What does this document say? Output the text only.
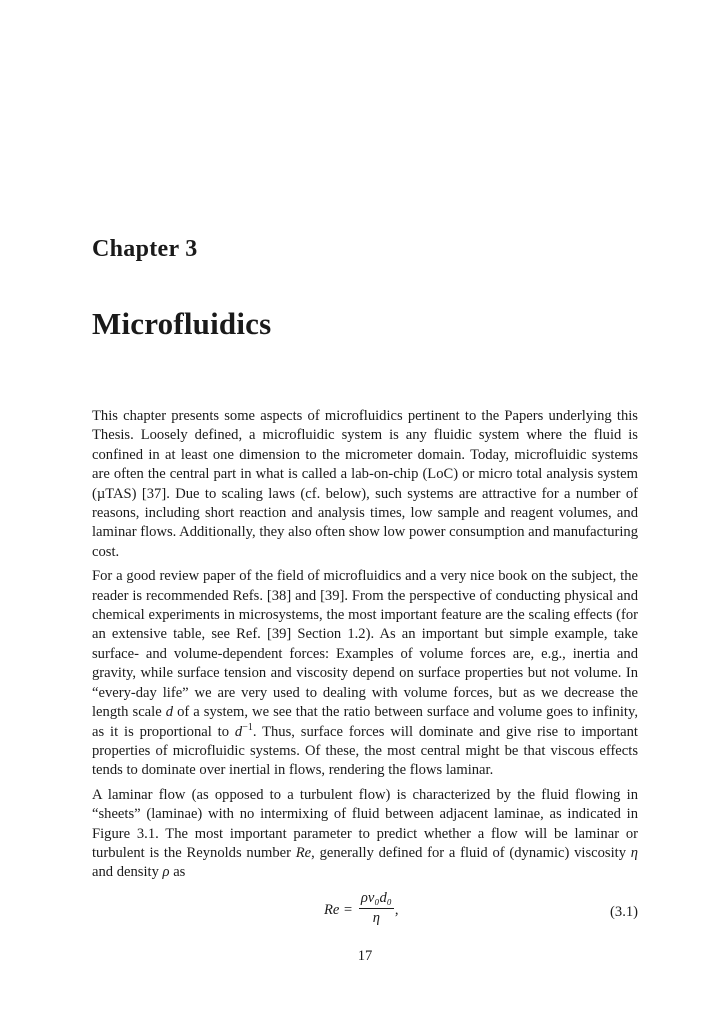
Chapter 3
Microfluidics

This chapter presents some aspects of microfluidics pertinent to the Papers underlying this Thesis. Loosely defined, a microfluidic system is any fluidic system where the fluid is confined in at least one dimension to the micrometer domain. Today, microfluidic systems are often the central part in what is called a lab-on-chip (LoC) or micro total analysis system (µTAS) [37]. Due to scaling laws (cf. below), such systems are attractive for a number of reasons, including short reaction and analysis times, low sample and reagent volumes, and laminar flows. Additionally, they also often show low power consumption and manufacturing cost.

For a good review paper of the field of microfluidics and a very nice book on the subject, the reader is recommended Refs. [38] and [39]. From the perspective of conducting physical and chemical experiments in microsystems, the most important feature are the scaling effects (for an extensive table, see Ref. [39] Section 1.2). As an important but simple example, take surface- and volume-dependent forces: Examples of volume forces are, e.g., inertia and gravity, while surface tension and viscosity depend on surface properties but not volume. In “every-day life” we are very used to dealing with volume forces, but as we decrease the length scale d of a system, we see that the ratio between surface and volume goes to infinity, as it is proportional to $d^{-1}$. Thus, surface forces will dominate and give rise to important properties of microfluidic systems. Of these, the most central might be that viscous effects tends to dominate over inertial in flows, rendering the flows laminar.

A laminar flow (as opposed to a turbulent flow) is characterized by the fluid flowing in “sheets” (laminae) with no intermixing of fluid between adjacent laminae, as indicated in Figure 3.1. The most important parameter to predict whether a flow will be laminar or turbulent is the Reynolds number Re, generally defined for a fluid of (dynamic) viscosity η and density ρ as

$Re = \frac{\text{ρv₀d₀}}{\eta}$ ,	(3.1)
17
